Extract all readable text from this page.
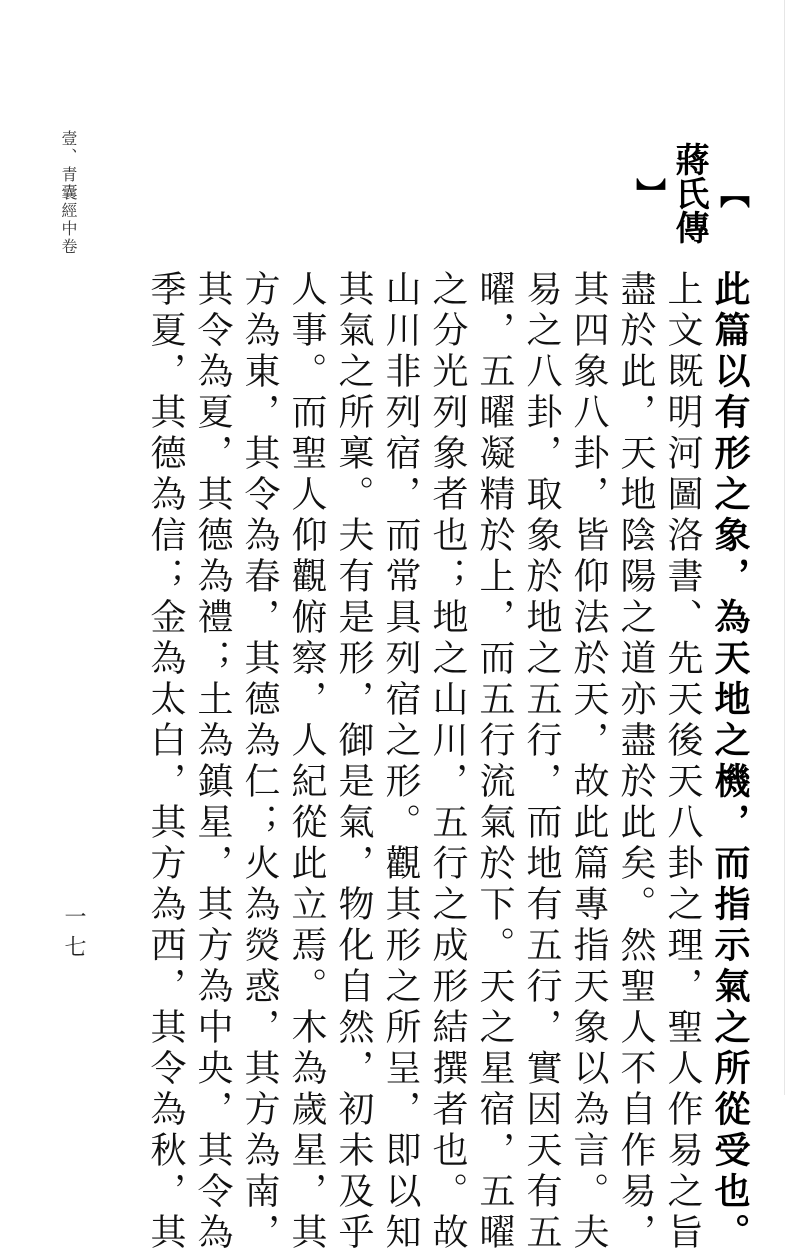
壹、青囊經中卷
一七
【
蔣氏傳
】
此篇以有形之象，為天地之機，而指示氣之所從受也。
上文既明河圖洛書、先天後天八卦之理，聖人作易之旨
盡於此，天地陰陽之道亦盡於此矣。然聖人不自作易，
其四象八卦，皆仰法於天，故此篇專指天象以為言。夫
易之八卦，取象於地之五行，而地有五行，實因天有五
曜，五曜凝精於上，而五行流氣於下。天之星宿，五曜
之分光列象者也；地之山川，五行之成形結撰者也。故
山川非列宿，而常具列宿之形。觀其形之所呈，即以知
其氣之所稟。夫有是形，御是氣，物化自然，初未及乎
人事。而聖人仰觀俯察，人紀從此立焉。木為歲星，其
方為東，其令為春，其德為仁；火為熒惑，其方為南，
其令為夏，其德為禮；土為鎮星，其方為中央，其令為
季夏，其德為信；金為太白，其方為西，其令為秋，其
